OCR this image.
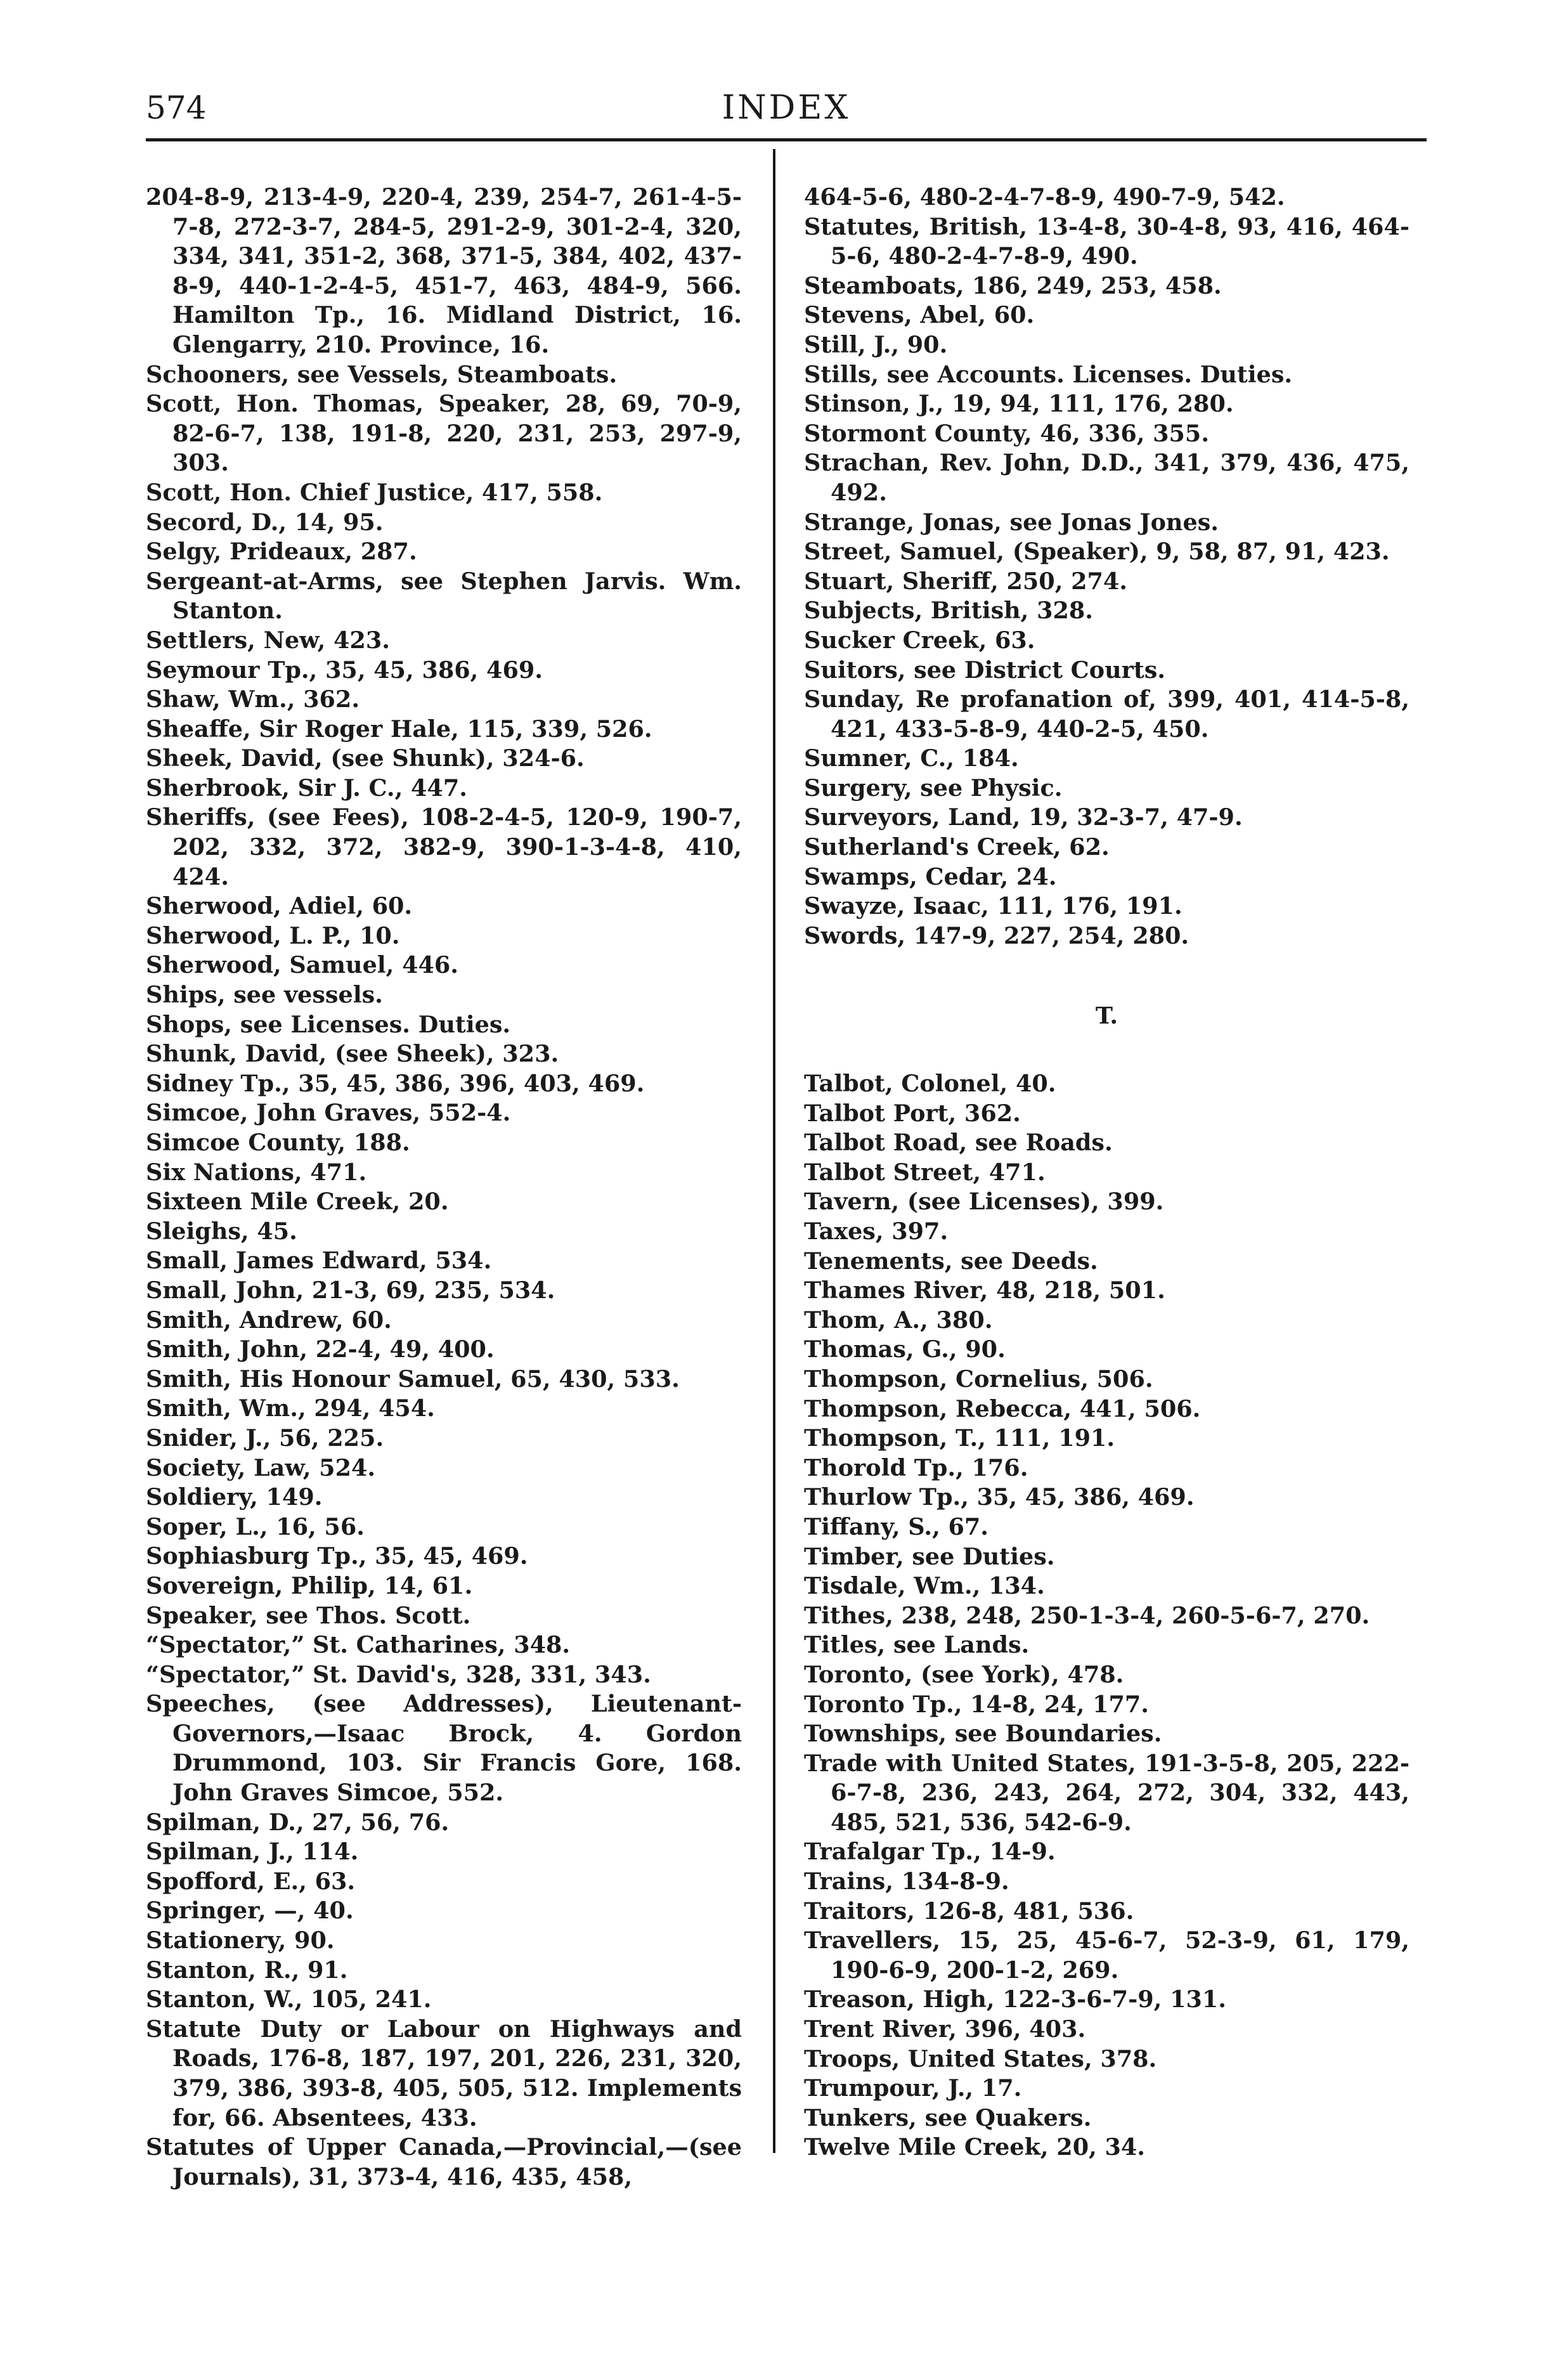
574	INDEX
204-8-9, 213-4-9, 220-4, 239, 254-7, 261-4-5-7-8, 272-3-7, 284-5, 291-2-9, 301-2-4, 320, 334, 341, 351-2, 368, 371-5, 384, 402, 437-8-9, 440-1-2-4-5, 451-7, 463, 484-9, 566. Hamilton Tp., 16. Midland District, 16. Glengarry, 210. Province, 16.
Schooners, see Vessels, Steamboats.
Scott, Hon. Thomas, Speaker, 28, 69, 70-9, 82-6-7, 138, 191-8, 220, 231, 253, 297-9, 303.
Scott, Hon. Chief Justice, 417, 558.
Secord, D., 14, 95.
Selgy, Prideaux, 287.
Sergeant-at-Arms, see Stephen Jarvis. Wm. Stanton.
Settlers, New, 423.
Seymour Tp., 35, 45, 386, 469.
Shaw, Wm., 362.
Sheaffe, Sir Roger Hale, 115, 339, 526.
Sheek, David, (see Shunk), 324-6.
Sherbrook, Sir J. C., 447.
Sheriffs, (see Fees), 108-2-4-5, 120-9, 190-7, 202, 332, 372, 382-9, 390-1-3-4-8, 410, 424.
Sherwood, Adiel, 60.
Sherwood, L. P., 10.
Sherwood, Samuel, 446.
Ships, see vessels.
Shops, see Licenses. Duties.
Shunk, David, (see Sheek), 323.
Sidney Tp., 35, 45, 386, 396, 403, 469.
Simcoe, John Graves, 552-4.
Simcoe County, 188.
Six Nations, 471.
Sixteen Mile Creek, 20.
Sleighs, 45.
Small, James Edward, 534.
Small, John, 21-3, 69, 235, 534.
Smith, Andrew, 60.
Smith, John, 22-4, 49, 400.
Smith, His Honour Samuel, 65, 430, 533.
Smith, Wm., 294, 454.
Snider, J., 56, 225.
Society, Law, 524.
Soldiery, 149.
Soper, L., 16, 56.
Sophiasburg Tp., 35, 45, 469.
Sovereign, Philip, 14, 61.
Speaker, see Thos. Scott.
“Spectator,” St. Catharines, 348.
“Spectator,” St. David's, 328, 331, 343.
Speeches, (see Addresses), Lieutenant-Governors,—Isaac Brock, 4. Gordon Drummond, 103. Sir Francis Gore, 168. John Graves Simcoe, 552.
Spilman, D., 27, 56, 76.
Spilman, J., 114.
Spofford, E., 63.
Springer, —, 40.
Stationery, 90.
Stanton, R., 91.
Stanton, W., 105, 241.
Statute Duty or Labour on Highways and Roads, 176-8, 187, 197, 201, 226, 231, 320, 379, 386, 393-8, 405, 505, 512. Implements for, 66. Absentees, 433.
Statutes of Upper Canada,—Provincial,—(see Journals), 31, 373-4, 416, 435, 458,
464-5-6, 480-2-4-7-8-9, 490-7-9, 542.
Statutes, British, 13-4-8, 30-4-8, 93, 416, 464-5-6, 480-2-4-7-8-9, 490.
Steamboats, 186, 249, 253, 458.
Stevens, Abel, 60.
Still, J., 90.
Stills, see Accounts. Licenses. Duties.
Stinson, J., 19, 94, 111, 176, 280.
Stormont County, 46, 336, 355.
Strachan, Rev. John, D.D., 341, 379, 436, 475, 492.
Strange, Jonas, see Jonas Jones.
Street, Samuel, (Speaker), 9, 58, 87, 91, 423.
Stuart, Sheriff, 250, 274.
Subjects, British, 328.
Sucker Creek, 63.
Suitors, see District Courts.
Sunday, Re profanation of, 399, 401, 414-5-8, 421, 433-5-8-9, 440-2-5, 450.
Sumner, C., 184.
Surgery, see Physic.
Surveyors, Land, 19, 32-3-7, 47-9.
Sutherland's Creek, 62.
Swamps, Cedar, 24.
Swayze, Isaac, 111, 176, 191.
Swords, 147-9, 227, 254, 280.
T.
Talbot, Colonel, 40.
Talbot Port, 362.
Talbot Road, see Roads.
Talbot Street, 471.
Tavern, (see Licenses), 399.
Taxes, 397.
Tenements, see Deeds.
Thames River, 48, 218, 501.
Thom, A., 380.
Thomas, G., 90.
Thompson, Cornelius, 506.
Thompson, Rebecca, 441, 506.
Thompson, T., 111, 191.
Thorold Tp., 176.
Thurlow Tp., 35, 45, 386, 469.
Tiffany, S., 67.
Timber, see Duties.
Tisdale, Wm., 134.
Tithes, 238, 248, 250-1-3-4, 260-5-6-7, 270.
Titles, see Lands.
Toronto, (see York), 478.
Toronto Tp., 14-8, 24, 177.
Townships, see Boundaries.
Trade with United States, 191-3-5-8, 205, 222-6-7-8, 236, 243, 264, 272, 304, 332, 443, 485, 521, 536, 542-6-9.
Trafalgar Tp., 14-9.
Trains, 134-8-9.
Traitors, 126-8, 481, 536.
Travellers, 15, 25, 45-6-7, 52-3-9, 61, 179, 190-6-9, 200-1-2, 269.
Treason, High, 122-3-6-7-9, 131.
Trent River, 396, 403.
Troops, United States, 378.
Trumpour, J., 17.
Tunkers, see Quakers.
Twelve Mile Creek, 20, 34.
